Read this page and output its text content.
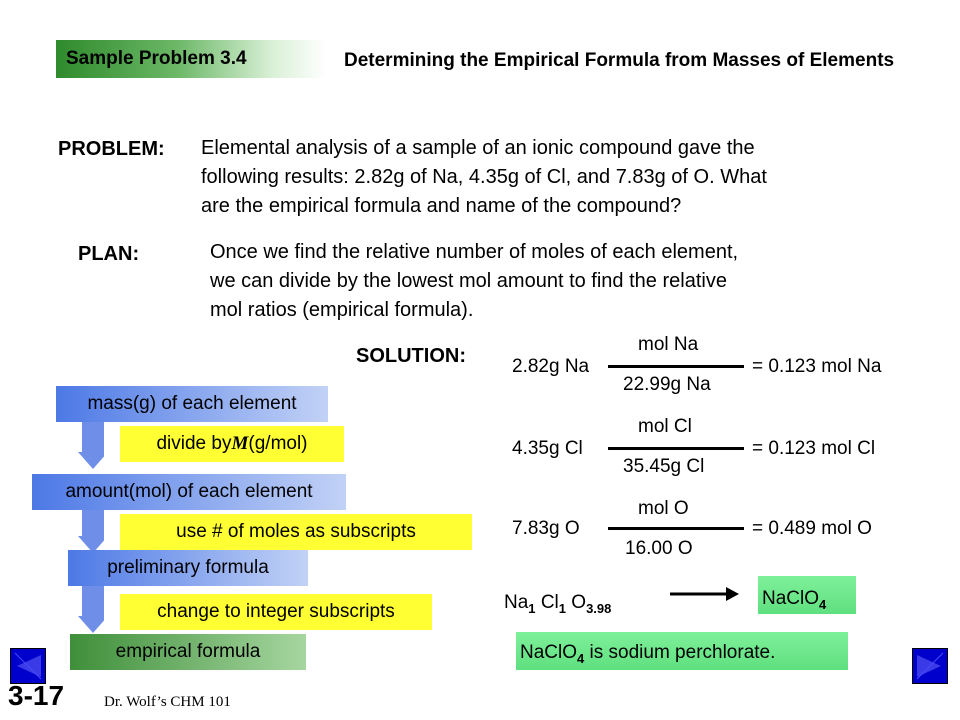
Sample Problem 3.4	Determining the Empirical Formula from Masses of Elements
PROBLEM: Elemental analysis of a sample of an ionic compound gave the
following results: 2.82g of Na, 4.35g of Cl, and 7.83g of O. What
are the empirical formula and name of the compound?
PLAN:	Once we find the relative number of moles of each element,
we can divide by the lowest mol amount to find the relative
mol ratios (empirical formula).
SOLUTION: 2.82g Na
mol Na
22.99g Na
= 0.123 mol Na
4.35g Cl
mol Cl
35.45g Cl
= 0.123 mol Cl
7.83g O
mol O
16.00 O
= 0.489 mol O
$Na_1$ $Cl_1$ $O_{3.98}$	NaClO$_4$
NaClO$_4$ is sodium perchlorate.
mass(g) of each element
divide by M (g/mol)
amount(mol) of each element
use # of moles as subscripts
preliminary formula
change to integer subscripts
empirical formula
3-17	Dr. Wolf’s CHM 101
